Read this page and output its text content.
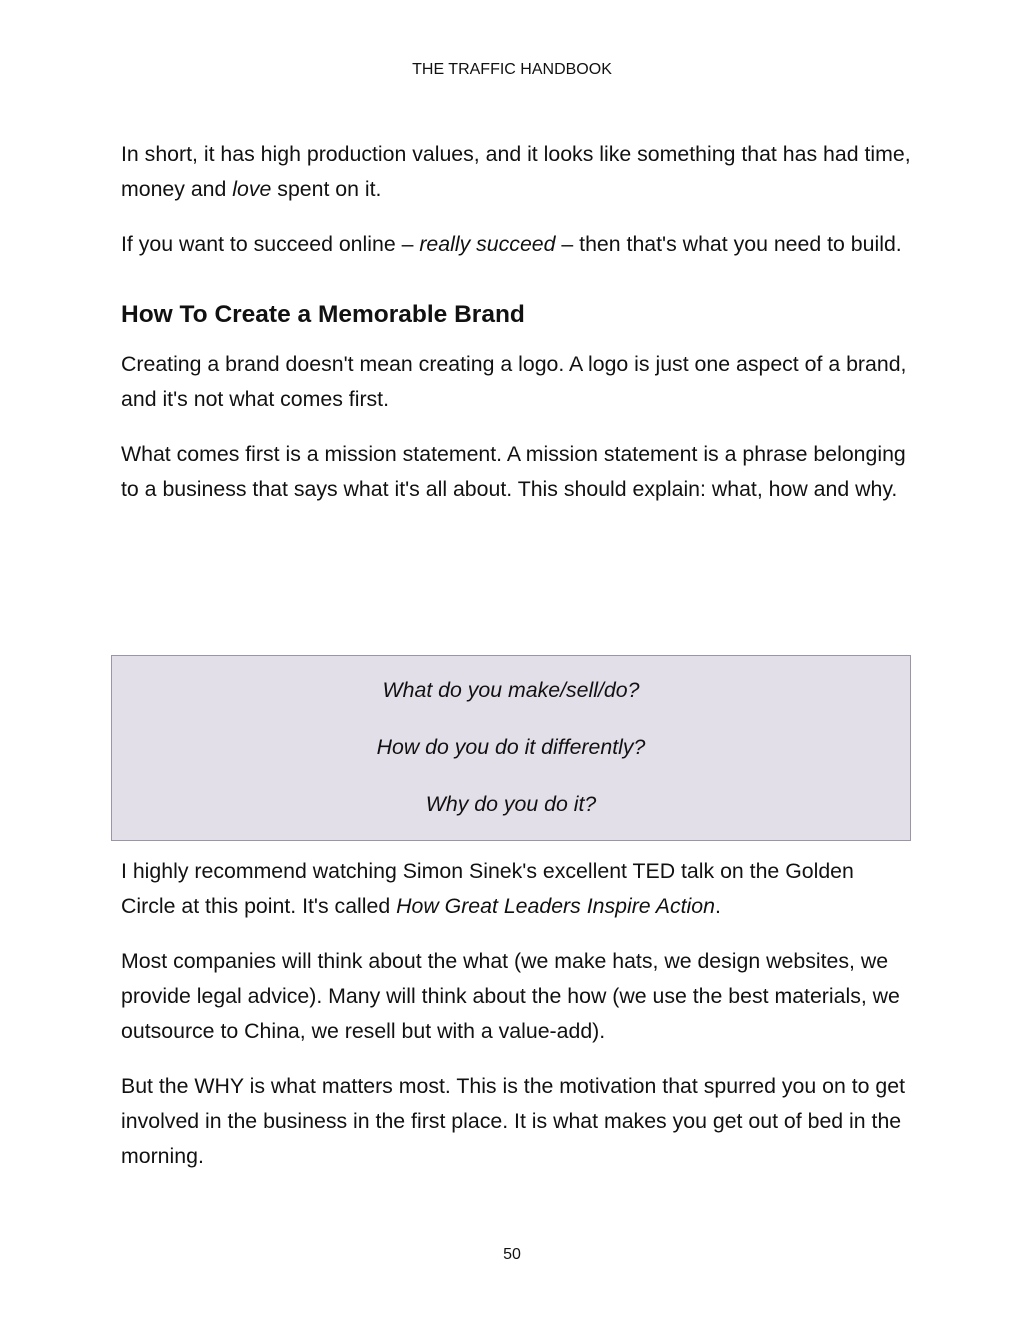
THE TRAFFIC HANDBOOK

In short, it has high production values, and it looks like something that has had time, money and love spent on it.

If you want to succeed online – really succeed – then that's what you need to build.

How To Create a Memorable Brand

Creating a brand doesn't mean creating a logo. A logo is just one aspect of a brand, and it's not what comes first.

What comes first is a mission statement. A mission statement is a phrase belonging to a business that says what it's all about. This should explain: what, how and why.

What do you make/sell/do?
How do you do it differently?
Why do you do it?

I highly recommend watching Simon Sinek's excellent TED talk on the Golden Circle at this point. It's called How Great Leaders Inspire Action.

Most companies will think about the what (we make hats, we design websites, we provide legal advice). Many will think about the how (we use the best materials, we outsource to China, we resell but with a value-add).

But the WHY is what matters most. This is the motivation that spurred you on to get involved in the business in the first place. It is what makes you get out of bed in the morning.

50
